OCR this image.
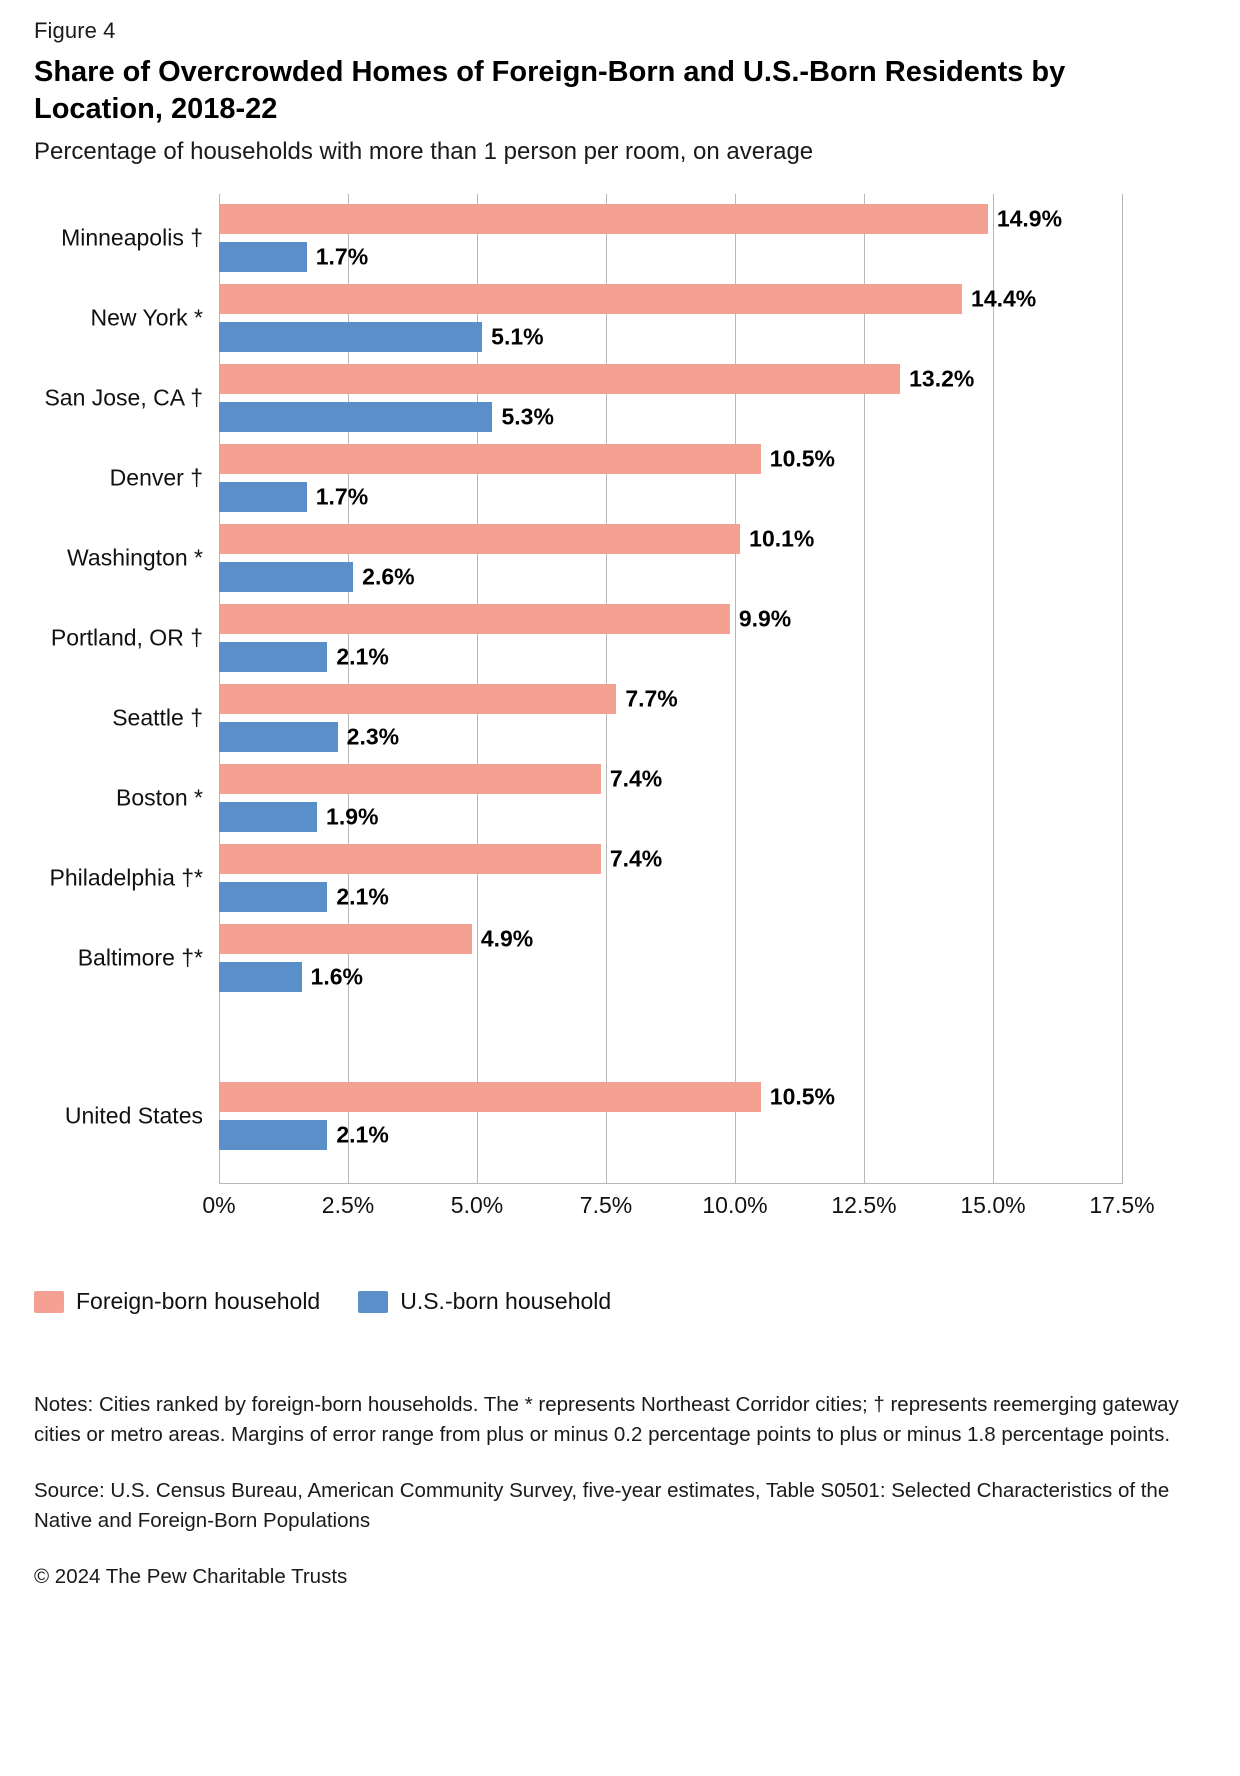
Figure 4
Share of Overcrowded Homes of Foreign-Born and U.S.-Born Residents by Location, 2018-22
Percentage of households with more than 1 person per room, on average
Minneapolis †
14.9%
1.7%
New York *
14.4%
5.1%
San Jose, CA †
13.2%
5.3%
Denver †
10.5%
1.7%
Washington *
10.1%
2.6%
Portland, OR †
9.9%
2.1%
Seattle †
7.7%
2.3%
Boston *
7.4%
1.9%
Philadelphia †*
7.4%
2.1%
Baltimore †*
4.9%
1.6%
United States
10.5%
2.1%
0%	2.5%	5.0%	7.5%	10.0%	12.5%	15.0%	17.5%
Foreign-born household	U.S.-born household
Notes: Cities ranked by foreign-born households. The * represents Northeast Corridor cities; † represents reemerging gateway cities or metro areas. Margins of error range from plus or minus 0.2 percentage points to plus or minus 1.8 percentage points.
Source: U.S. Census Bureau, American Community Survey, five-year estimates, Table S0501: Selected Characteristics of the Native and Foreign-Born Populations
© 2024 The Pew Charitable Trusts
